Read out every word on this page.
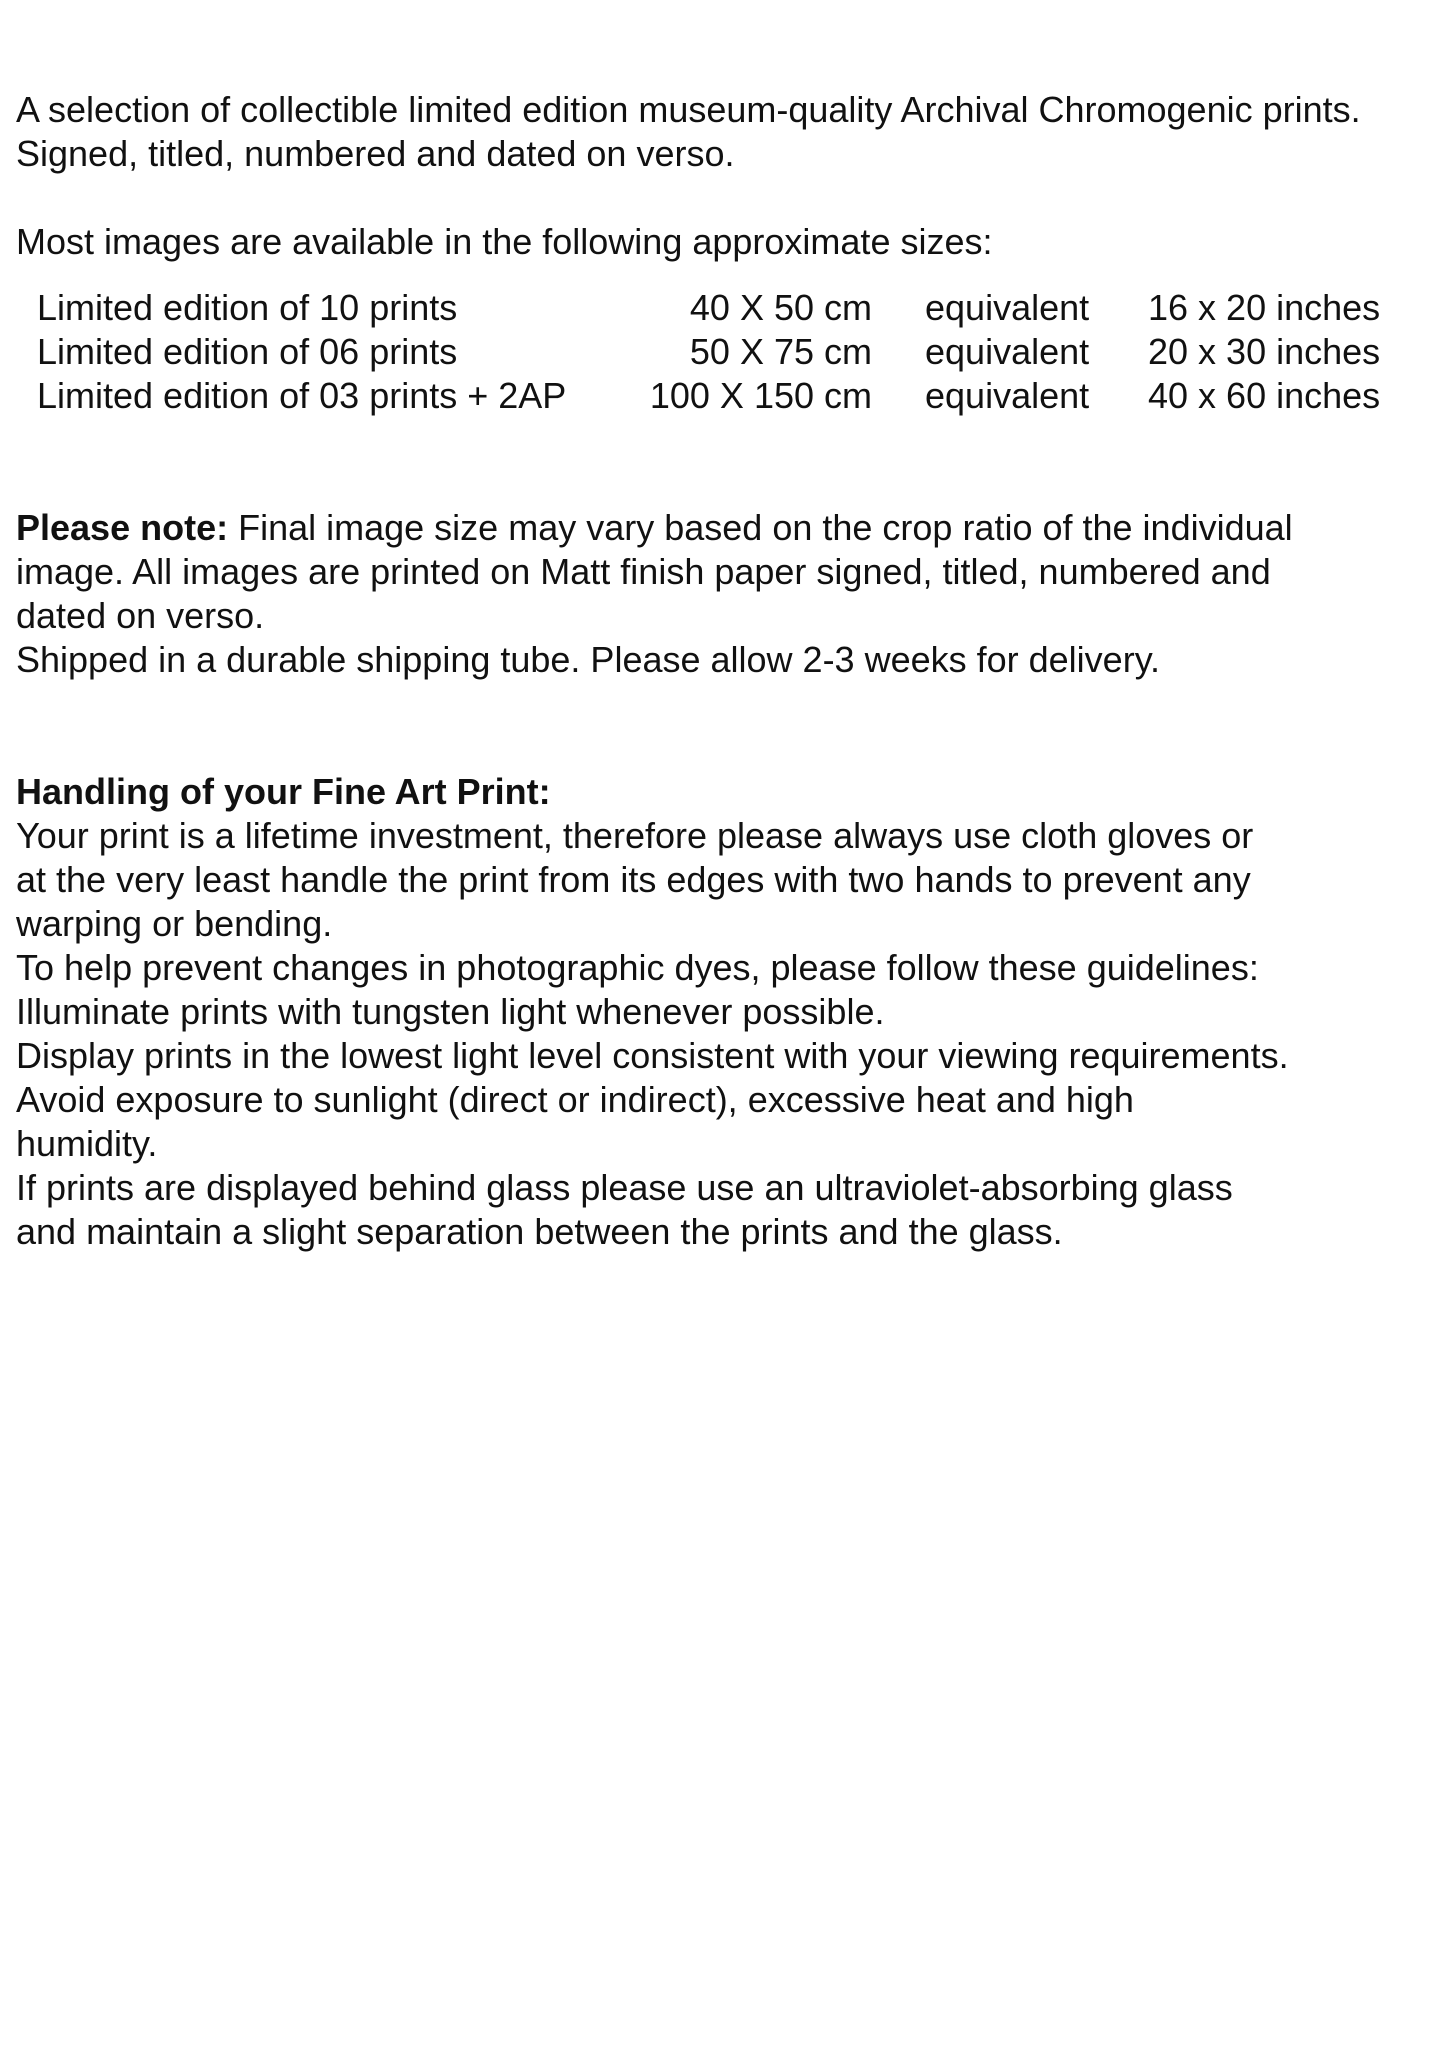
A selection of collectible limited edition museum-quality Archival Chromogenic prints.

Signed, titled, numbered and dated on verso.

Most images are available in the following approximate sizes:

Limited edition of 10 prints	40 X 50 cm	equivalent	16 x 20 inches
Limited edition of 06 prints	50 X 75 cm	equivalent	20 x 30 inches
Limited edition of 03 prints + 2AP	100 X 150 cm	equivalent	40 x 60 inches

Please note: Final image size may vary based on the crop ratio of the individual

image. All images are printed on Matt finish paper signed, titled, numbered and

dated on verso.

Shipped in a durable shipping tube. Please allow 2-3 weeks for delivery.

Handling of your Fine Art Print:

Your print is a lifetime investment, therefore please always use cloth gloves or

at the very least handle the print from its edges with two hands to prevent any

warping or bending.

To help prevent changes in photographic dyes, please follow these guidelines:

Illuminate prints with tungsten light whenever possible.

Display prints in the lowest light level consistent with your viewing requirements.

Avoid exposure to sunlight (direct or indirect), excessive heat and high

humidity.

If prints are displayed behind glass please use an ultraviolet-absorbing glass

and maintain a slight separation between the prints and the glass.
